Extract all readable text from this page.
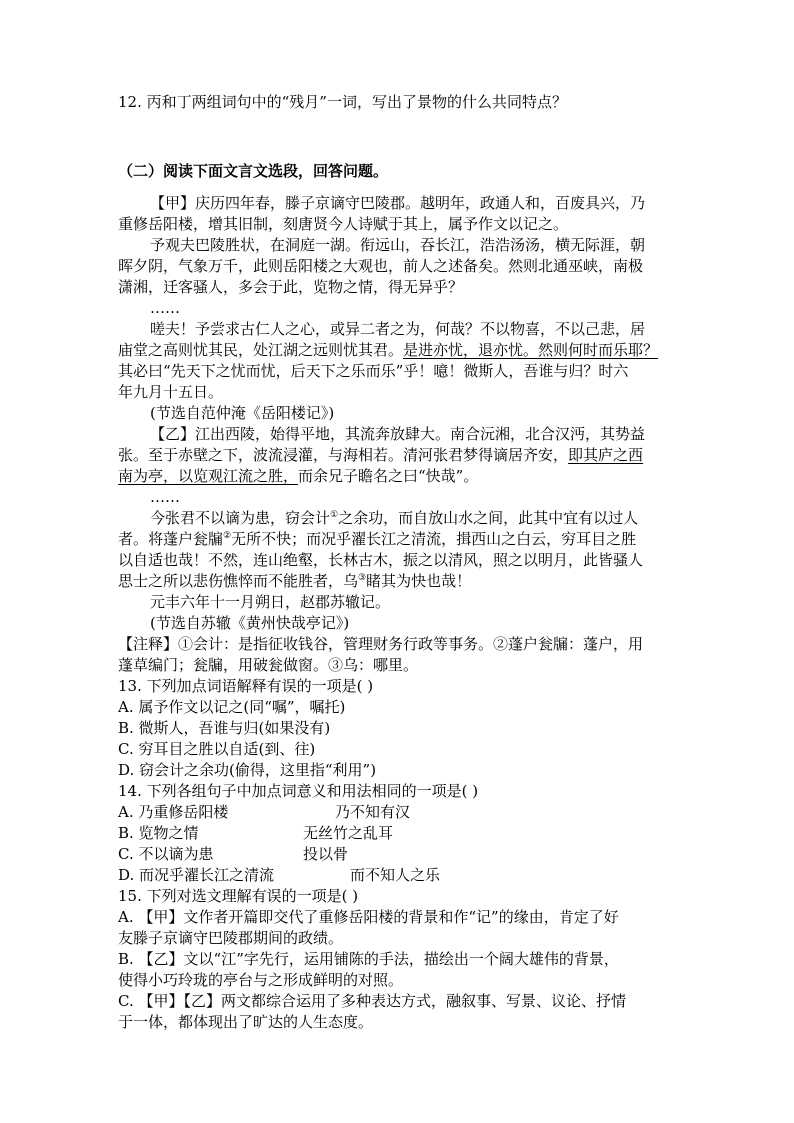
12. 丙和丁两组词句中的“残月”一词，写出了景物的什么共同特点？
（二）阅读下面文言文选段，回答问题。
【甲】庆历四年春，滕子京谪守巴陵郡。越明年，政通人和，百废具兴，乃
重修岳阳楼，增其旧制，刻唐贤今人诗赋于其上，属予作文以记之。
予观夫巴陵胜状，在洞庭一湖。衔远山，吞长江，浩浩汤汤，横无际涯，朝
晖夕阴，气象万千，此则岳阳楼之大观也，前人之述备矣。然则北通巫峡，南极
潇湘，迁客骚人，多会于此，览物之情，得无异乎？
……
嗟夫！予尝求古仁人之心，或异二者之为，何哉？不以物喜，不以己悲，居
庙堂之高则忧其民，处江湖之远则忧其君。是进亦忧，退亦忧。然则何时而乐耶？
其必曰“先天下之忧而忧，后天下之乐而乐”乎！噫！微斯人，吾谁与归？时六
年九月十五日。
(节选自范仲淹《岳阳楼记》)
【乙】江出西陵，始得平地，其流奔放肆大。南合沅湘，北合汉沔，其势益
张。至于赤壁之下，波流浸灌，与海相若。清河张君梦得谪居齐安，即其庐之西
南为亭，以览观江流之胜，而余兄子瞻名之曰“快哉”。
……
今张君不以谪为患，窃会计①之余功，而自放山水之间，此其中宜有以过人
者。将蓬户瓮牖②无所不快；而况乎濯长江之清流，揖西山之白云，穷耳目之胜
以自适也哉！不然，连山绝壑，长林古木，振之以清风，照之以明月，此皆骚人
思士之所以悲伤憔悴而不能胜者，乌③睹其为快也哉！
元丰六年十一月朔日，赵郡苏辙记。
(节选自苏辙《黄州快哉亭记》)
【注释】①会计：是指征收钱谷，管理财务行政等事务。②蓬户瓮牖：蓬户，用
蓬草编门；瓮牖，用破瓮做窗。③乌：哪里。
13. 下列加点词语解释有误的一项是( )
A. 属予作文以记之(同“嘱”，嘱托)
B. 微斯人，吾谁与归(如果没有)
C. 穷耳目之胜以自适(到、往)
D. 窃会计之余功(偷得，这里指“利用”)
14. 下列各组句子中加点词意义和用法相同的一项是( )
A. 乃重修岳阳楼	乃不知有汉
B. 览物之情	无丝竹之乱耳
C. 不以谪为患	投以骨
D. 而况乎濯长江之清流	而不知人之乐
15. 下列对选文理解有误的一项是( )
A. 【甲】文作者开篇即交代了重修岳阳楼的背景和作“记”的缘由，肯定了好
友滕子京谪守巴陵郡期间的政绩。
B. 【乙】文以“江”字先行，运用铺陈的手法，描绘出一个阔大雄伟的背景，
使得小巧玲珑的亭台与之形成鲜明的对照。
C. 【甲】【乙】两文都综合运用了多种表达方式，融叙事、写景、议论、抒情
于一体，都体现出了旷达的人生态度。
